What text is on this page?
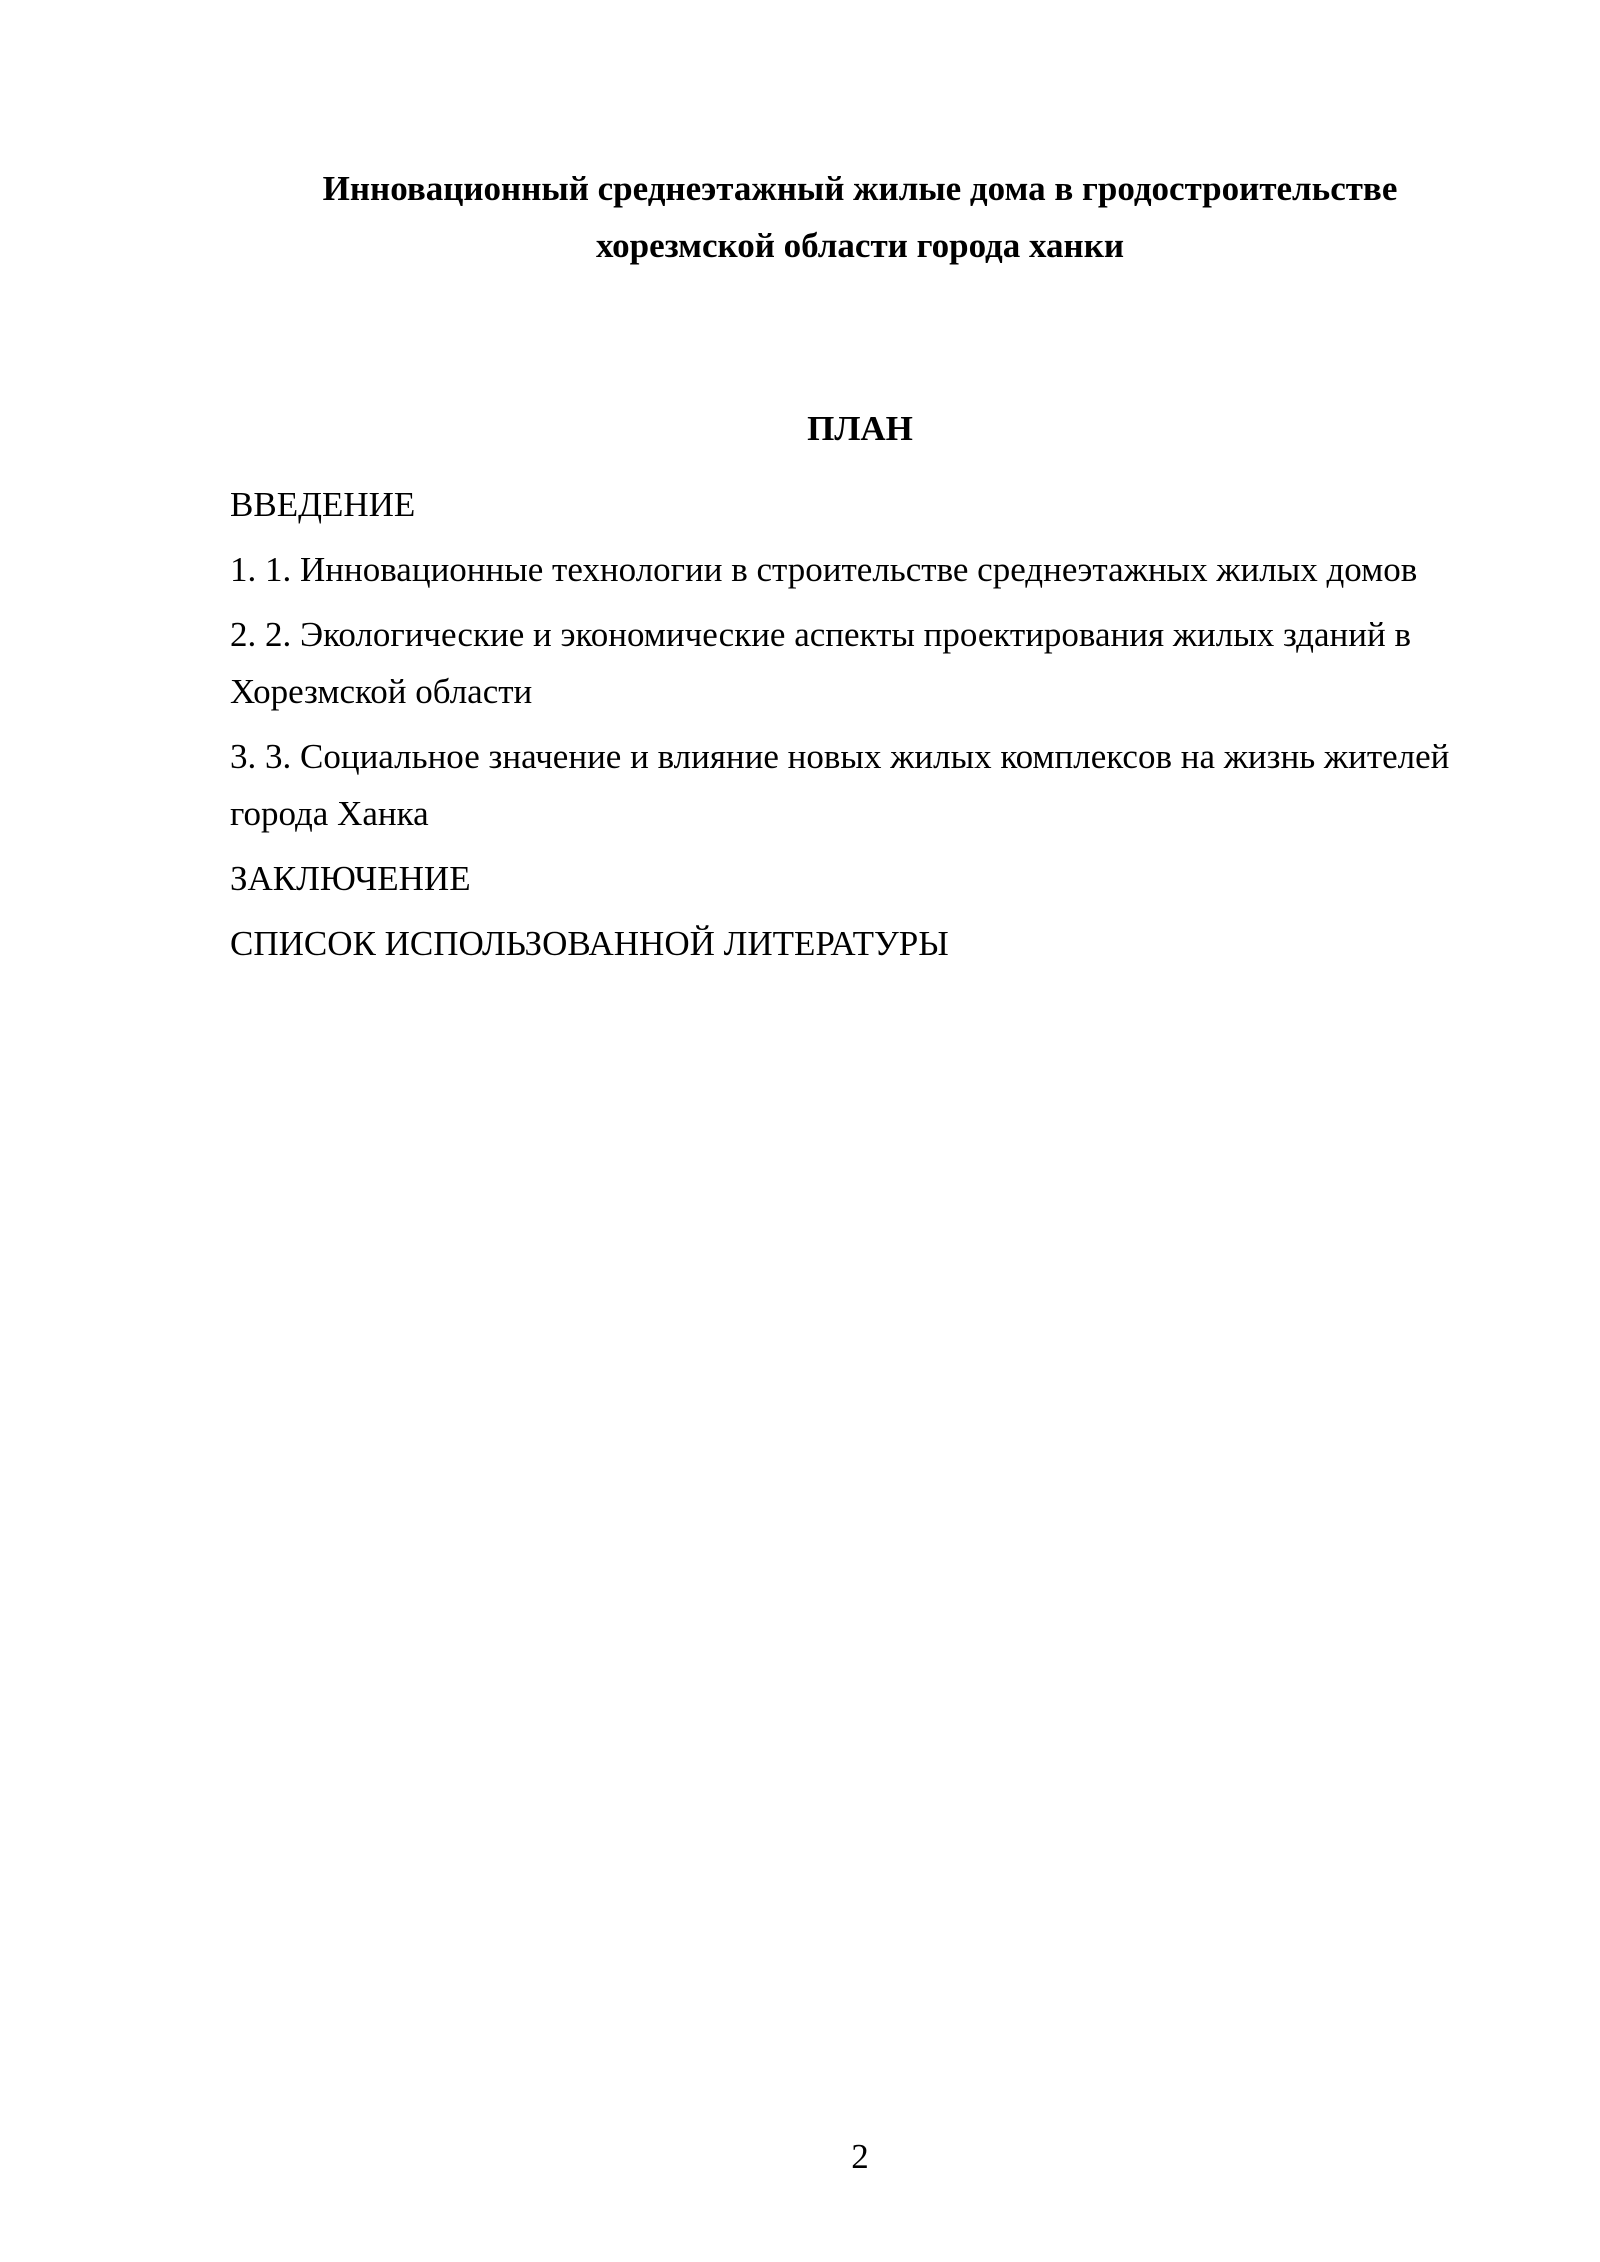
Инновационный среднеэтажный жилые дома в гродостроительстве
хорезмской области города ханки
ПЛАН
ВВЕДЕНИЕ
1. 1. Инновационные технологии в строительстве среднеэтажных жилых домов
2. 2. Экологические и экономические аспекты проектирования жилых зданий в Хорезмской области
3. 3. Социальное значение и влияние новых жилых комплексов на жизнь жителей города Ханка
ЗАКЛЮЧЕНИЕ
СПИСОК ИСПОЛЬЗОВАННОЙ ЛИТЕРАТУРЫ
2
